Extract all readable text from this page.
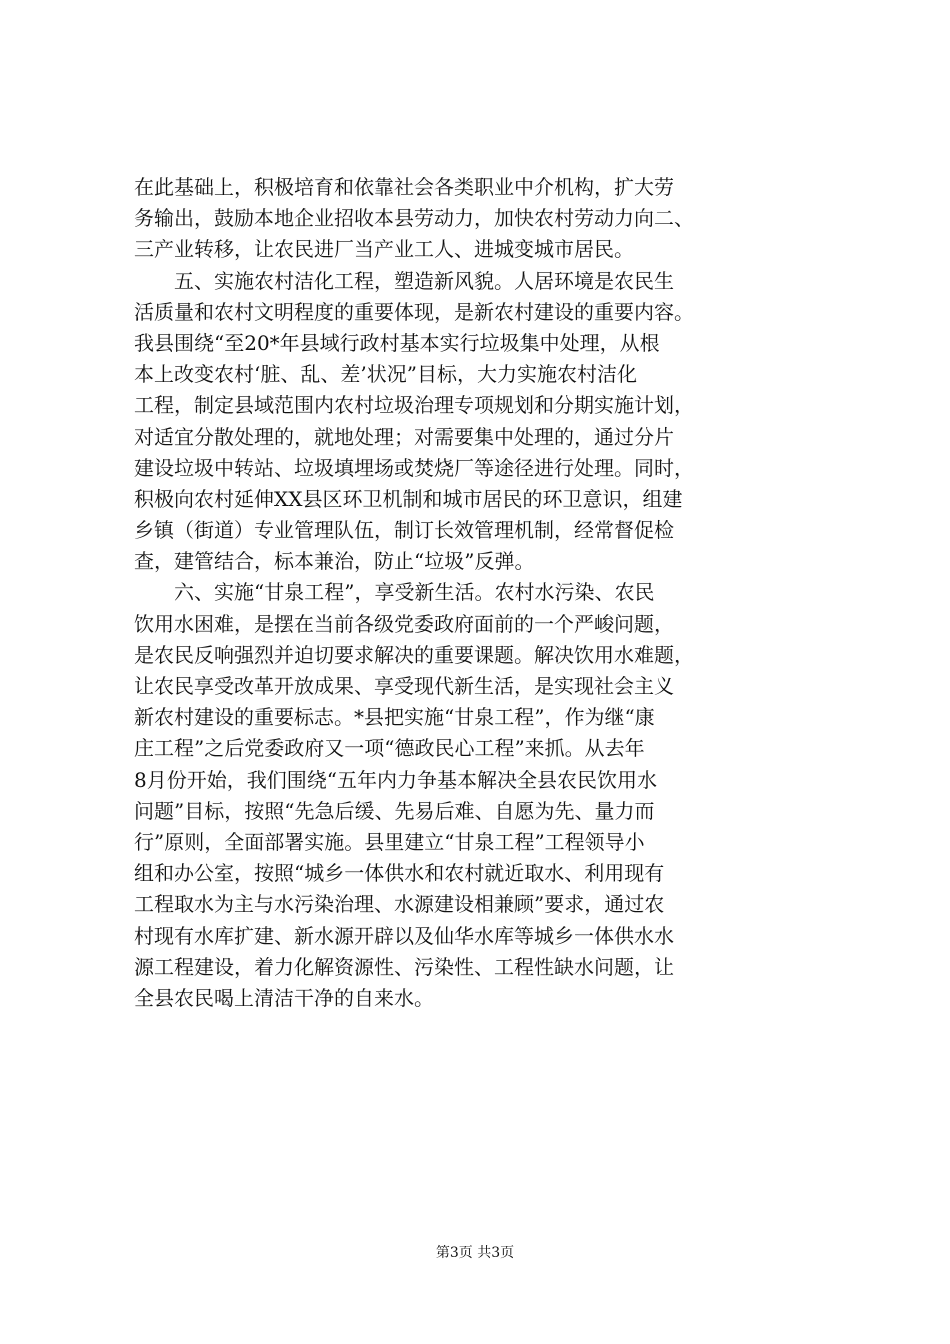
在此基础上，积极培育和依靠社会各类职业中介机构，扩大劳
务输出，鼓励本地企业招收本县劳动力，加快农村劳动力向二、
三产业转移，让农民进厂当产业工人、进城变城市居民。
五、实施农村洁化工程，塑造新风貌。人居环境是农民生
活质量和农村文明程度的重要体现，是新农村建设的重要内容。
我县围绕“至20*年县域行政村基本实行垃圾集中处理，从根
本上改变农村‘脏、乱、差’状况”目标，大力实施农村洁化
工程，制定县域范围内农村垃圾治理专项规划和分期实施计划，
对适宜分散处理的，就地处理；对需要集中处理的，通过分片
建设垃圾中转站、垃圾填埋场或焚烧厂等途径进行处理。同时，
积极向农村延伸XX县区环卫机制和城市居民的环卫意识，组建
乡镇（街道）专业管理队伍，制订长效管理机制，经常督促检
查，建管结合，标本兼治，防止“垃圾”反弹。
六、实施“甘泉工程”，享受新生活。农村水污染、农民
饮用水困难，是摆在当前各级党委政府面前的一个严峻问题，
是农民反响强烈并迫切要求解决的重要课题。解决饮用水难题，
让农民享受改革开放成果、享受现代新生活，是实现社会主义
新农村建设的重要标志。*县把实施“甘泉工程”，作为继“康
庄工程”之后党委政府又一项“德政民心工程”来抓。从去年
8月份开始，我们围绕“五年内力争基本解决全县农民饮用水
问题”目标，按照“先急后缓、先易后难、自愿为先、量力而
行”原则，全面部署实施。县里建立“甘泉工程”工程领导小
组和办公室，按照“城乡一体供水和农村就近取水、利用现有
工程取水为主与水污染治理、水源建设相兼顾”要求，通过农
村现有水库扩建、新水源开辟以及仙华水库等城乡一体供水水
源工程建设，着力化解资源性、污染性、工程性缺水问题，让
全县农民喝上清洁干净的自来水。
第3页 共3页
